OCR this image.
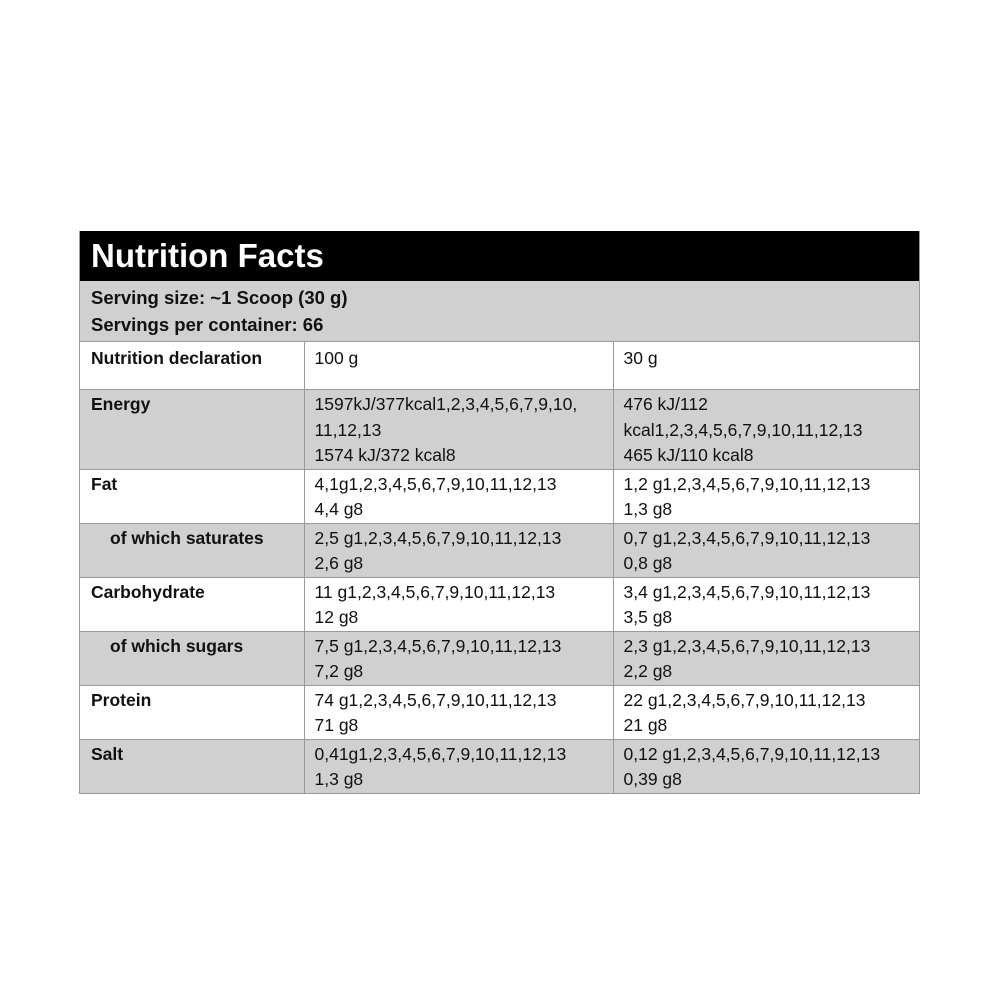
Nutrition Facts
Serving size: ~1 Scoop (30 g)
Servings per container: 66
Nutrition declaration	100 g	30 g
Energy	1597kJ/377kcal1,2,3,4,5,6,7,9,10,
11,12,13
1574 kJ/372 kcal8	476 kJ/112
kcal1,2,3,4,5,6,7,9,10,11,12,13
465 kJ/110 kcal8
Fat	4,1g1,2,3,4,5,6,7,9,10,11,12,13
4,4 g8	1,2 g1,2,3,4,5,6,7,9,10,11,12,13
1,3 g8
of which saturates	2,5 g1,2,3,4,5,6,7,9,10,11,12,13
2,6 g8	0,7 g1,2,3,4,5,6,7,9,10,11,12,13
0,8 g8
Carbohydrate	11 g1,2,3,4,5,6,7,9,10,11,12,13
12 g8	3,4 g1,2,3,4,5,6,7,9,10,11,12,13
3,5 g8
of which sugars	7,5 g1,2,3,4,5,6,7,9,10,11,12,13
7,2 g8	2,3 g1,2,3,4,5,6,7,9,10,11,12,13
2,2 g8
Protein	74 g1,2,3,4,5,6,7,9,10,11,12,13
71 g8	22 g1,2,3,4,5,6,7,9,10,11,12,13
21 g8
Salt	0,41g1,2,3,4,5,6,7,9,10,11,12,13
1,3 g8	0,12 g1,2,3,4,5,6,7,9,10,11,12,13
0,39 g8
